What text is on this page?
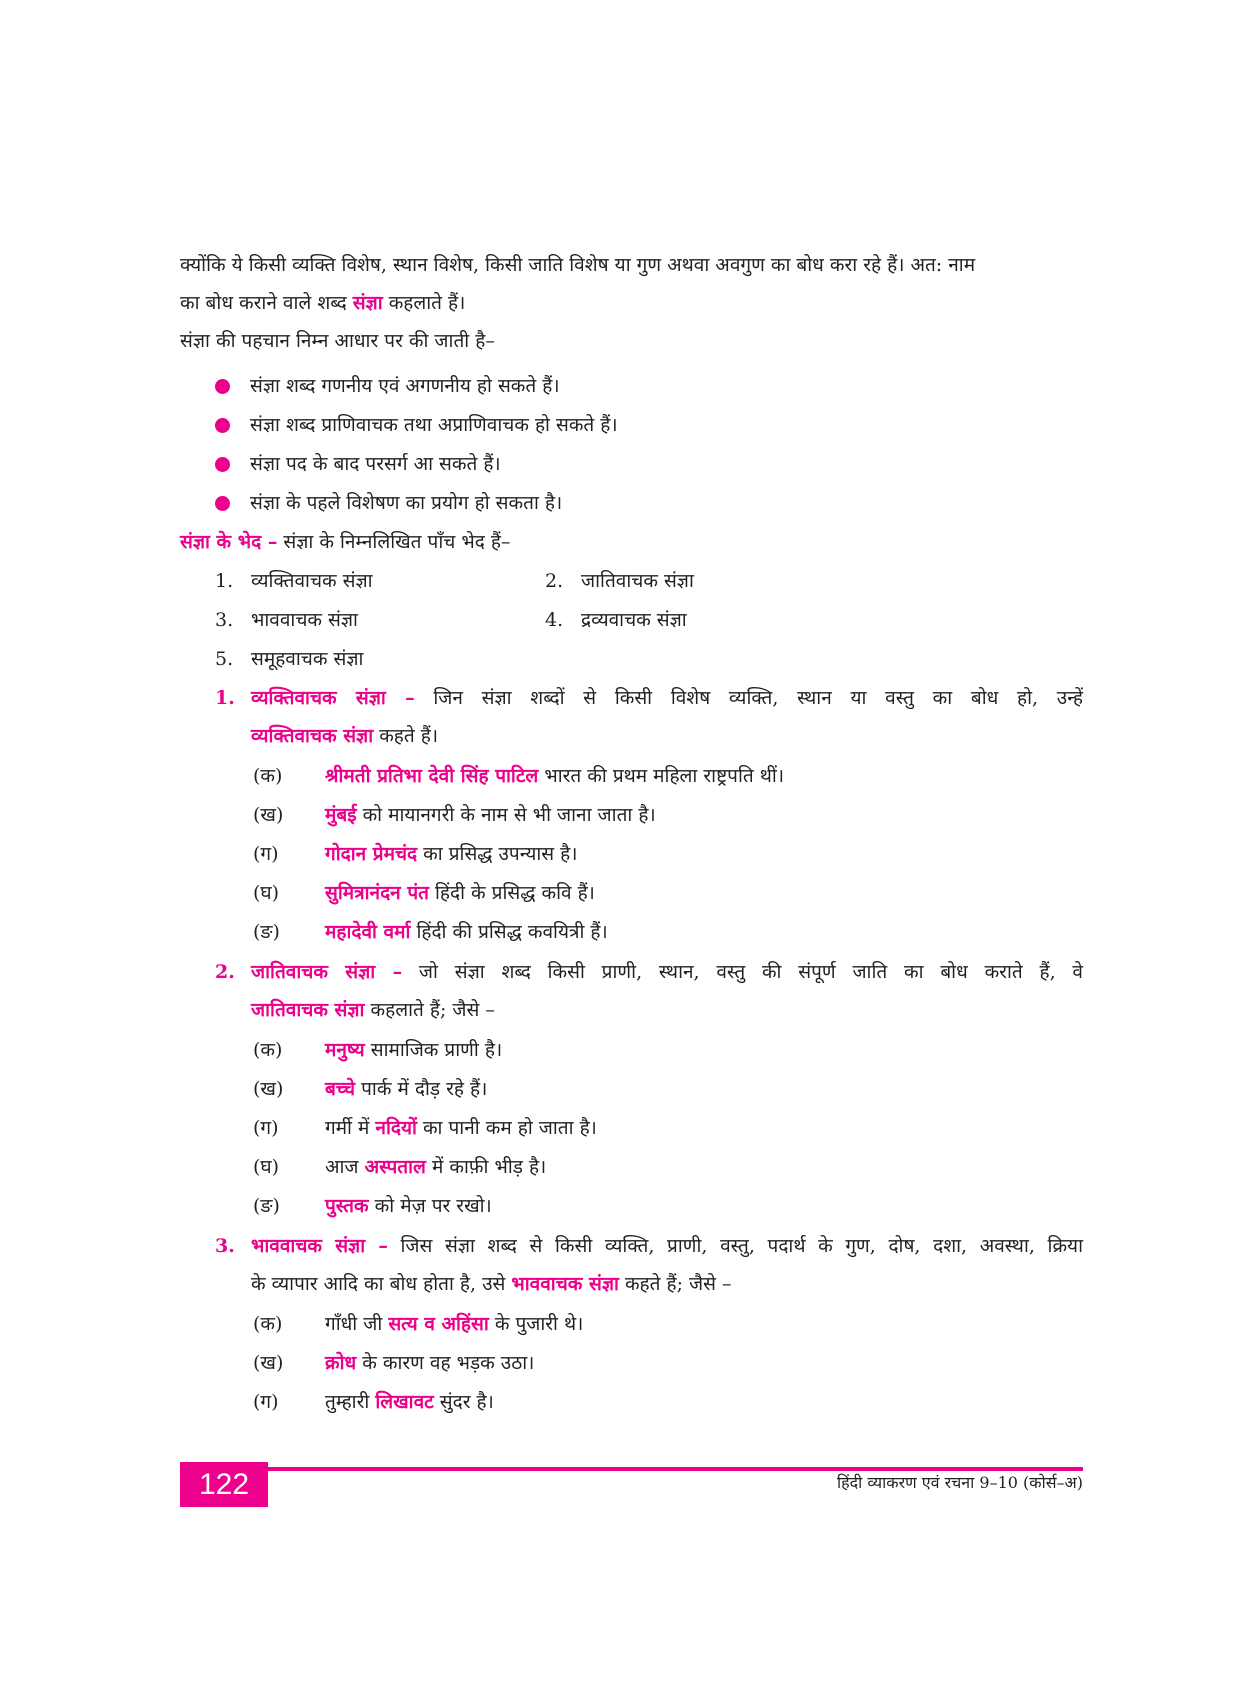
क्योंकि ये किसी व्यक्ति विशेष, स्थान विशेष, किसी जाति विशेष या गुण अथवा अवगुण का बोध करा रहे हैं। अत: नाम
का बोध कराने वाले शब्द संज्ञा कहलाते हैं।
संज्ञा की पहचान निम्न आधार पर की जाती है–
संज्ञा शब्द गणनीय एवं अगणनीय हो सकते हैं।
संज्ञा शब्द प्राणिवाचक तथा अप्राणिवाचक हो सकते हैं।
संज्ञा पद के बाद परसर्ग आ सकते हैं।
संज्ञा के पहले विशेषण का प्रयोग हो सकता है।
संज्ञा के भेद – संज्ञा के निम्नलिखित पाँच भेद हैं–
1. व्यक्तिवाचक संज्ञा	2. जातिवाचक संज्ञा
3. भाववाचक संज्ञा	4. द्रव्यवाचक संज्ञा
5. समूहवाचक संज्ञा
1. व्यक्तिवाचक संज्ञा – जिन संज्ञा शब्दों से किसी विशेष व्यक्ति, स्थान या वस्तु का बोध हो, उन्हें
व्यक्तिवाचक संज्ञा कहते हैं।
(क) श्रीमती प्रतिभा देवी सिंह पाटिल भारत की प्रथम महिला राष्ट्रपति थीं।
(ख) मुंबई को मायानगरी के नाम से भी जाना जाता है।
(ग) गोदान प्रेमचंद का प्रसिद्ध उपन्यास है।
(घ) सुमित्रानंदन पंत हिंदी के प्रसिद्ध कवि हैं।
(ङ) महादेवी वर्मा हिंदी की प्रसिद्ध कवयित्री हैं।
2. जातिवाचक संज्ञा – जो संज्ञा शब्द किसी प्राणी, स्थान, वस्तु की संपूर्ण जाति का बोध कराते हैं, वे
जातिवाचक संज्ञा कहलाते हैं; जैसे –
(क) मनुष्य सामाजिक प्राणी है।
(ख) बच्चे पार्क में दौड़ रहे हैं।
(ग) गर्मी में नदियों का पानी कम हो जाता है।
(घ) आज अस्पताल में काफ़ी भीड़ है।
(ङ) पुस्तक को मेज़ पर रखो।
3. भाववाचक संज्ञा – जिस संज्ञा शब्द से किसी व्यक्ति, प्राणी, वस्तु, पदार्थ के गुण, दोष, दशा, अवस्था, क्रिया
के व्यापार आदि का बोध होता है, उसे भाववाचक संज्ञा कहते हैं; जैसे –
(क) गाँधी जी सत्य व अहिंसा के पुजारी थे।
(ख) क्रोध के कारण वह भड़क उठा।
(ग) तुम्हारी लिखावट सुंदर है।
122	हिंदी व्याकरण एवं रचना 9–10 (कोर्स–अ)
